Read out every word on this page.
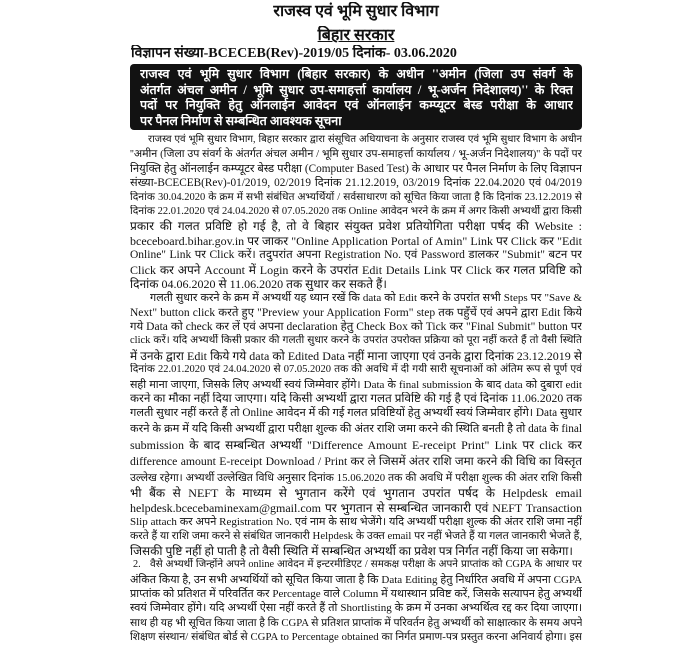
राजस्व एवं भूमि सुधार विभाग
बिहार सरकार
विज्ञापन संख्या-BCECEB(Rev)-2019/05 दिनांक- 03.06.2020
राजस्व एवं भूमि सुधार विभाग (बिहार सरकार) के अधीन ''अमीन (जिला उप संवर्ग के
अंतर्गत अंचल अमीन / भूमि सुधार उप-समाहर्त्ता कार्यालय / भू-अर्जन निदेशालय)'' के रिक्त
पदों पर नियुक्ति हेतु ऑनलाईन आवेदन एवं ऑनलाईन कम्प्यूटर बेस्ड परीक्षा के आधार
पर पैनल निर्माण से सम्बन्धित आवश्यक सूचना
राजस्व एवं भूमि सुधार विभाग, बिहार सरकार द्वारा संसूचित अधियाचना के अनुसार राजस्व एवं भूमि सुधार विभाग के अधीन
''अमीन (जिला उप संवर्ग के अंतर्गत अंचल अमीन / भूमि सुधार उप-समाहर्त्ता कार्यालय / भू-अर्जन निदेशालय)'' के पदों पर
नियुक्ति हेतु ऑनलाईन कम्प्यूटर बेस्ड परीक्षा (Computer Based Test) के आधार पर पैनल निर्माण के लिए विज्ञापन
संख्या-BCECEB(Rev)-01/2019, 02/2019 दिनांक 21.12.2019, 03/2019 दिनांक 22.04.2020 एवं 04/2019
दिनांक 30.04.2020 के क्रम में सभी संबंधित अभ्यर्थियों / सर्वसाधारण को सूचित किया जाता है कि दिनांक 23.12.2019 से
दिनांक 22.01.2020 एवं 24.04.2020 से 07.05.2020 तक Online आवेदन भरने के क्रम में अगर किसी अभ्यर्थी द्वारा किसी
प्रकार की गलत प्रविष्टि हो गई है, तो वे बिहार संयुक्त प्रवेश प्रतियोगिता परीक्षा पर्षद की Website :
bceceboard.bihar.gov.in पर जाकर "Online Application Portal of Amin" Link पर Click कर "Edit
Online" Link पर Click करें। तदुपरांत अपना Registration No. एवं Password डालकर "Submit" बटन पर
Click कर अपने Account में Login करने के उपरांत Edit Details Link पर Click कर गलत प्रविष्टि को
दिनांक 04.06.2020 से 11.06.2020 तक सुधार कर सकते हैं।
गलती सुधार करने के क्रम में अभ्यर्थी यह ध्यान रखें कि data को Edit करने के उपरांत सभी Steps पर "Save &
Next" button click करते हुए "Preview your Application Form" step तक पहुँचें एवं अपने द्वारा Edit किये
गये Data को check कर लें एवं अपना declaration हेतु Check Box को Tick कर "Final Submit" button पर
click करें। यदि अभ्यर्थी किसी प्रकार की गलती सुधार करने के उपरांत उपरोक्त प्रक्रिया को पूरा नहीं करते हैं तो वैसी स्थिति
में उनके द्वारा Edit किये गये data को Edited Data नहीं माना जाएगा एवं उनके द्वारा दिनांक 23.12.2019 से
दिनांक 22.01.2020 एवं 24.04.2020 से 07.05.2020 तक की अवधि में दी गयी सारी सूचनाओं को अंतिम रूप से पूर्ण एवं
सही माना जाएगा, जिसके लिए अभ्यर्थी स्वयं जिम्मेवार होंगे। Data के final submission के बाद data को दुबारा edit
करने का मौका नहीं दिया जाएगा। यदि किसी अभ्यर्थी द्वारा गलत प्रविष्टि की गई है एवं दिनांक 11.06.2020 तक
गलती सुधार नहीं करते हैं तो Online आवेदन में की गई गलत प्रविष्टियों हेतु अभ्यर्थी स्वयं जिम्मेवार होंगे। Data सुधार
करने के क्रम में यदि किसी अभ्यर्थी द्वारा परीक्षा शुल्क की अंतर राशि जमा करने की स्थिति बनती है तो data के final
submission के बाद सम्बन्धित अभ्यर्थी "Difference Amount E-receipt Print" Link पर click कर
difference amount E-receipt Download / Print कर ले जिसमें अंतर राशि जमा करने की विधि का विस्तृत
उल्लेख रहेगा। अभ्यर्थी उल्लेखित विधि अनुसार दिनांक 15.06.2020 तक की अवधि में परीक्षा शुल्क की अंतर राशि किसी
भी बैंक से NEFT के माध्यम से भुगतान करेंगे एवं भुगतान उपरांत पर्षद के Helpdesk email
helpdesk.bcecebaminexam@gmail.com पर भुगतान से सम्बन्धित जानकारी एवं NEFT Transaction
Slip attach कर अपने Registration No. एवं नाम के साथ भेजेंगे। यदि अभ्यर्थी परीक्षा शुल्क की अंतर राशि जमा नहीं
करते हैं या राशि जमा करने से संबंधित जानकारी Helpdesk के उक्त email पर नहीं भेजते हैं या गलत जानकारी भेजते हैं,
जिसकी पुष्टि नहीं हो पाती है तो वैसी स्थिति में सम्बन्धित अभ्यर्थी का प्रवेश पत्र निर्गत नहीं किया जा सकेगा।
2. वैसे अभ्यर्थी जिन्होंने अपने online आवेदन में इन्टरमीडिएट / समकक्ष परीक्षा के अपने प्राप्तांक को CGPA के आधार पर
अंकित किया है, उन सभी अभ्यर्थियों को सूचित किया जाता है कि Data Editing हेतु निर्धारित अवधि में अपना CGPA
प्राप्तांक को प्रतिशत में परिवर्तित कर Percentage वाले Column में यथास्थान प्रविष्ट करें, जिसके सत्यापन हेतु अभ्यर्थी
स्वयं जिम्मेवार होंगे। यदि अभ्यर्थी ऐसा नहीं करते हैं तो Shortlisting के क्रम में उनका अभ्यर्थित्व रद्द कर दिया जाएगा।
साथ ही यह भी सूचित किया जाता है कि CGPA से प्रतिशत प्राप्तांक में परिवर्तन हेतु अभ्यर्थी को साक्षात्कार के समय अपने
शिक्षण संस्थान/ संबंधित बोर्ड से CGPA to Percentage obtained का निर्गत प्रमाण-पत्र प्रस्तुत करना अनिवार्य होगा। इस
